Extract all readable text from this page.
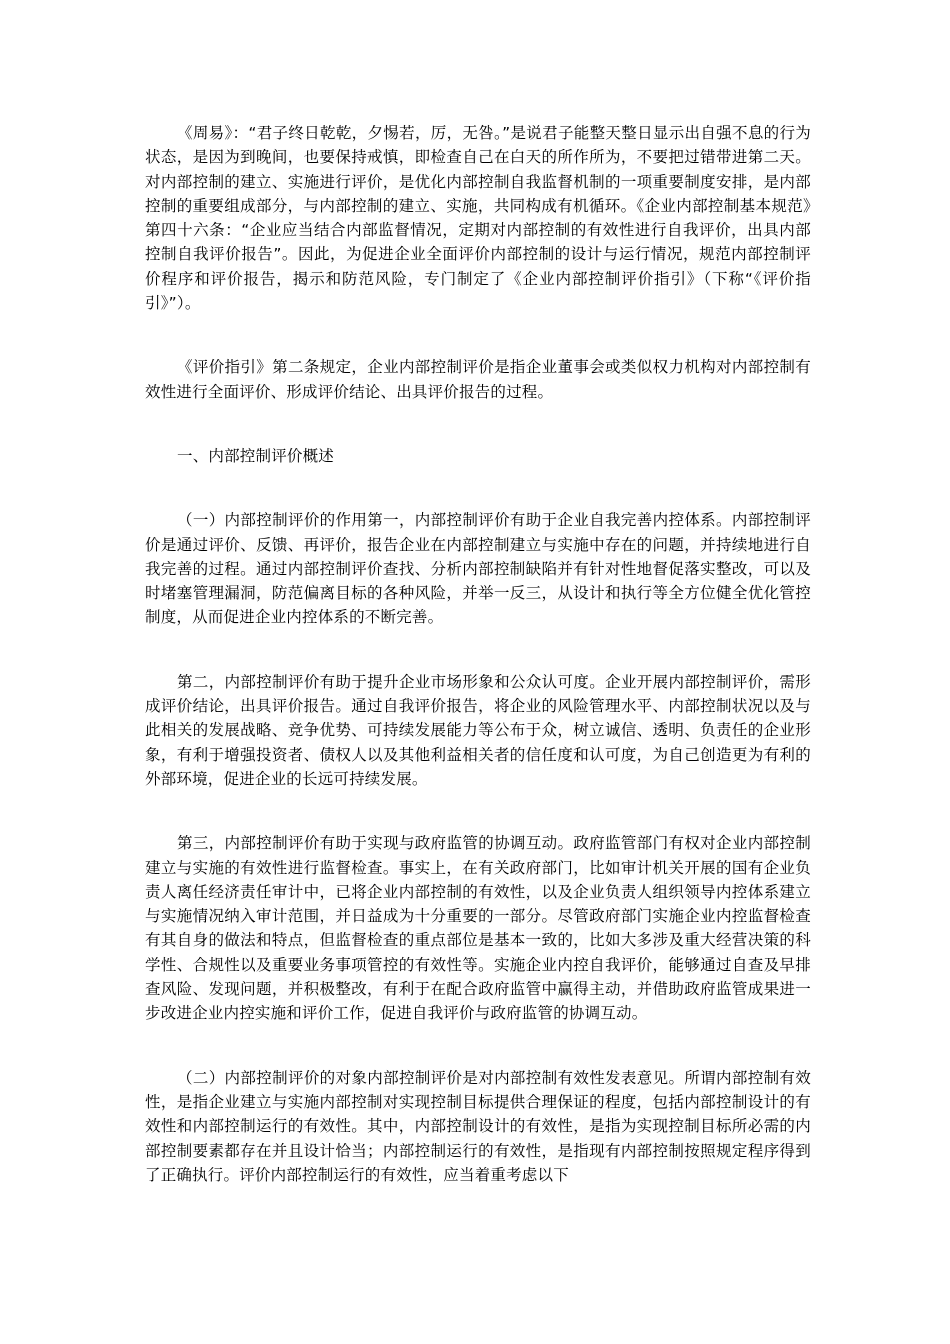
《周易》：“君子终日乾乾，夕惕若，厉，无咎。”是说君子能整天整日显示出自强不息的行为状态，是因为到晚间，也要保持戒慎，即检查自己在白天的所作所为，不要把过错带进第二天。对内部控制的建立、实施进行评价，是优化内部控制自我监督机制的一项重要制度安排，是内部控制的重要组成部分，与内部控制的建立、实施，共同构成有机循环。《企业内部控制基本规范》第四十六条：“企业应当结合内部监督情况，定期对内部控制的有效性进行自我评价，出具内部控制自我评价报告”。因此，为促进企业全面评价内部控制的设计与运行情况，规范内部控制评价程序和评价报告，揭示和防范风险，专门制定了《企业内部控制评价指引》（下称“《评价指引》”）。

《评价指引》第二条规定，企业内部控制评价是指企业董事会或类似权力机构对内部控制有效性进行全面评价、形成评价结论、出具评价报告的过程。

一、内部控制评价概述

（一）内部控制评价的作用第一，内部控制评价有助于企业自我完善内控体系。内部控制评价是通过评价、反馈、再评价，报告企业在内部控制建立与实施中存在的问题，并持续地进行自我完善的过程。通过内部控制评价查找、分析内部控制缺陷并有针对性地督促落实整改，可以及时堵塞管理漏洞，防范偏离目标的各种风险，并举一反三，从设计和执行等全方位健全优化管控制度，从而促进企业内控体系的不断完善。

第二，内部控制评价有助于提升企业市场形象和公众认可度。企业开展内部控制评价，需形成评价结论，出具评价报告。通过自我评价报告，将企业的风险管理水平、内部控制状况以及与此相关的发展战略、竞争优势、可持续发展能力等公布于众，树立诚信、透明、负责任的企业形象，有利于增强投资者、债权人以及其他利益相关者的信任度和认可度，为自己创造更为有利的外部环境，促进企业的长远可持续发展。

第三，内部控制评价有助于实现与政府监管的协调互动。政府监管部门有权对企业内部控制建立与实施的有效性进行监督检查。事实上，在有关政府部门，比如审计机关开展的国有企业负责人离任经济责任审计中，已将企业内部控制的有效性，以及企业负责人组织领导内控体系建立与实施情况纳入审计范围，并日益成为十分重要的一部分。尽管政府部门实施企业内控监督检查有其自身的做法和特点，但监督检查的重点部位是基本一致的，比如大多涉及重大经营决策的科学性、合规性以及重要业务事项管控的有效性等。实施企业内控自我评价，能够通过自查及早排查风险、发现问题，并积极整改，有利于在配合政府监管中赢得主动，并借助政府监管成果进一步改进企业内控实施和评价工作，促进自我评价与政府监管的协调互动。

（二）内部控制评价的对象内部控制评价是对内部控制有效性发表意见。所谓内部控制有效性，是指企业建立与实施内部控制对实现控制目标提供合理保证的程度，包括内部控制设计的有效性和内部控制运行的有效性。其中，内部控制设计的有效性，是指为实现控制目标所必需的内部控制要素都存在并且设计恰当；内部控制运行的有效性，是指现有内部控制按照规定程序得到了正确执行。评价内部控制运行的有效性，应当着重考虑以下
